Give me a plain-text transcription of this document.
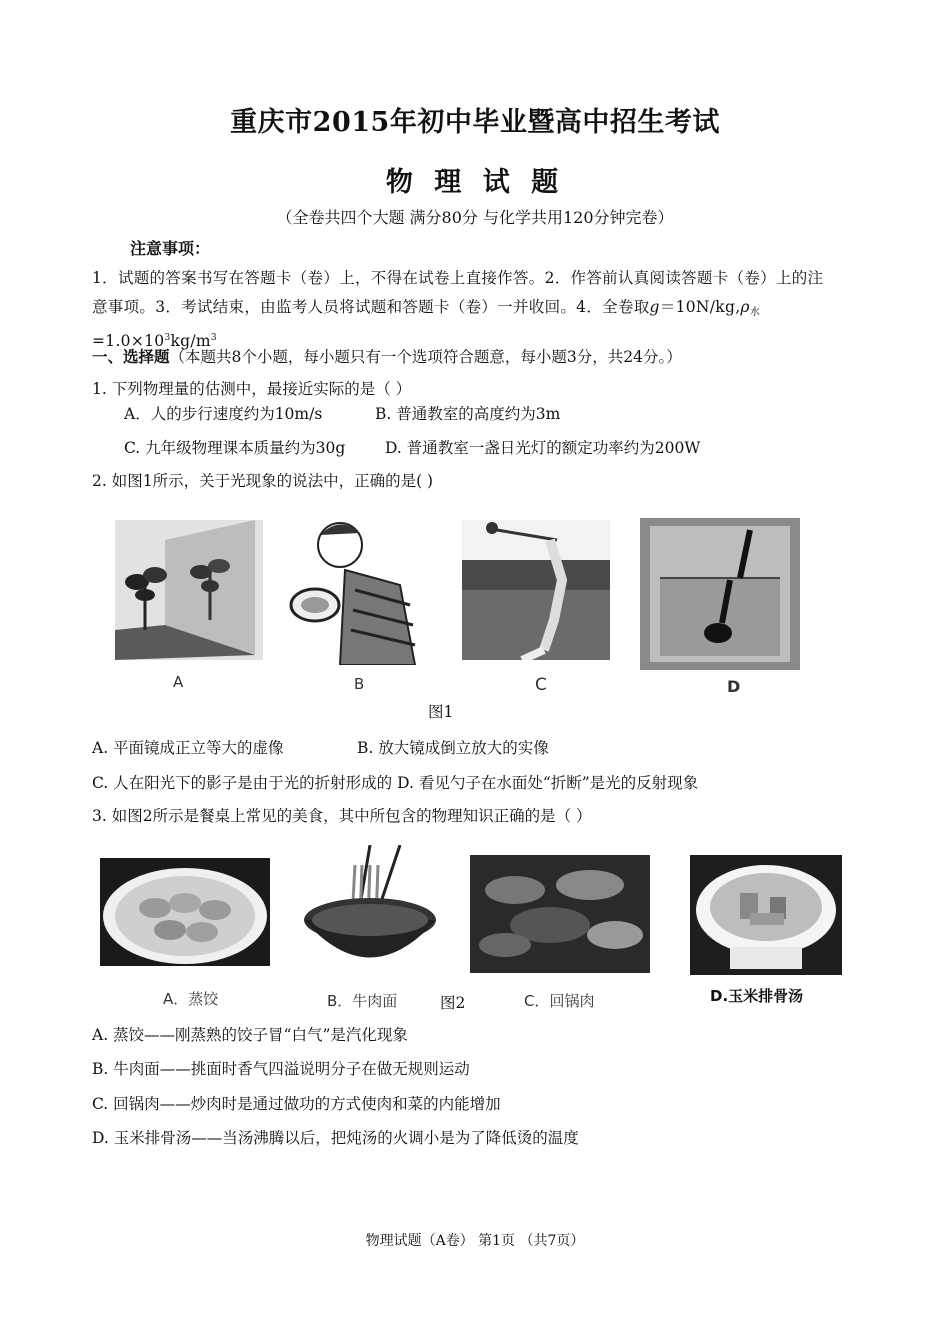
重庆市2015年初中毕业暨高中招生考试
物 理 试 题
（全卷共四个大题 满分80分 与化学共用120分钟完卷）
注意事项：
1．试题的答案书写在答题卡（卷）上，不得在试卷上直接作答。2．作答前认真阅读答题卡（卷）上的注
意事项。3．考试结束，由监考人员将试题和答题卡（卷）一并收回。4．全卷取$g=10N/kg,\rho_水$
$=1.0\times 10^3kg/m^3$
一、选择题（本题共8个小题，每小题只有一个选项符合题意，每小题3分，共24分。）
1. 下列物理量的估测中，最接近实际的是（ ）
A．人的步行速度约为10m/s	B. 普通教室的高度约为3m
C. 九年级物理课本质量约为30g	D. 普通教室一盏日光灯的额定功率约为200W
2. 如图1所示，关于光现象的说法中，正确的是( )
A	B	C	D
图1
A. 平面镜成正立等大的虚像	B. 放大镜成倒立放大的实像
C. 人在阳光下的影子是由于光的折射形成的 D. 看见勺子在水面处“折断”是光的反射现象
3. 如图2所示是餐桌上常见的美食，其中所包含的物理知识正确的是（ ）
A．蒸饺	B．牛肉面	C．回锅肉	D.玉米排骨汤
图2
A. 蒸饺——刚蒸熟的饺子冒“白气”是汽化现象
B. 牛肉面——挑面时香气四溢说明分子在做无规则运动
C. 回锅肉——炒肉时是通过做功的方式使肉和菜的内能增加
D. 玉米排骨汤——当汤沸腾以后，把炖汤的火调小是为了降低烫的温度
物理试题（A卷） 第1页 （共7页）
